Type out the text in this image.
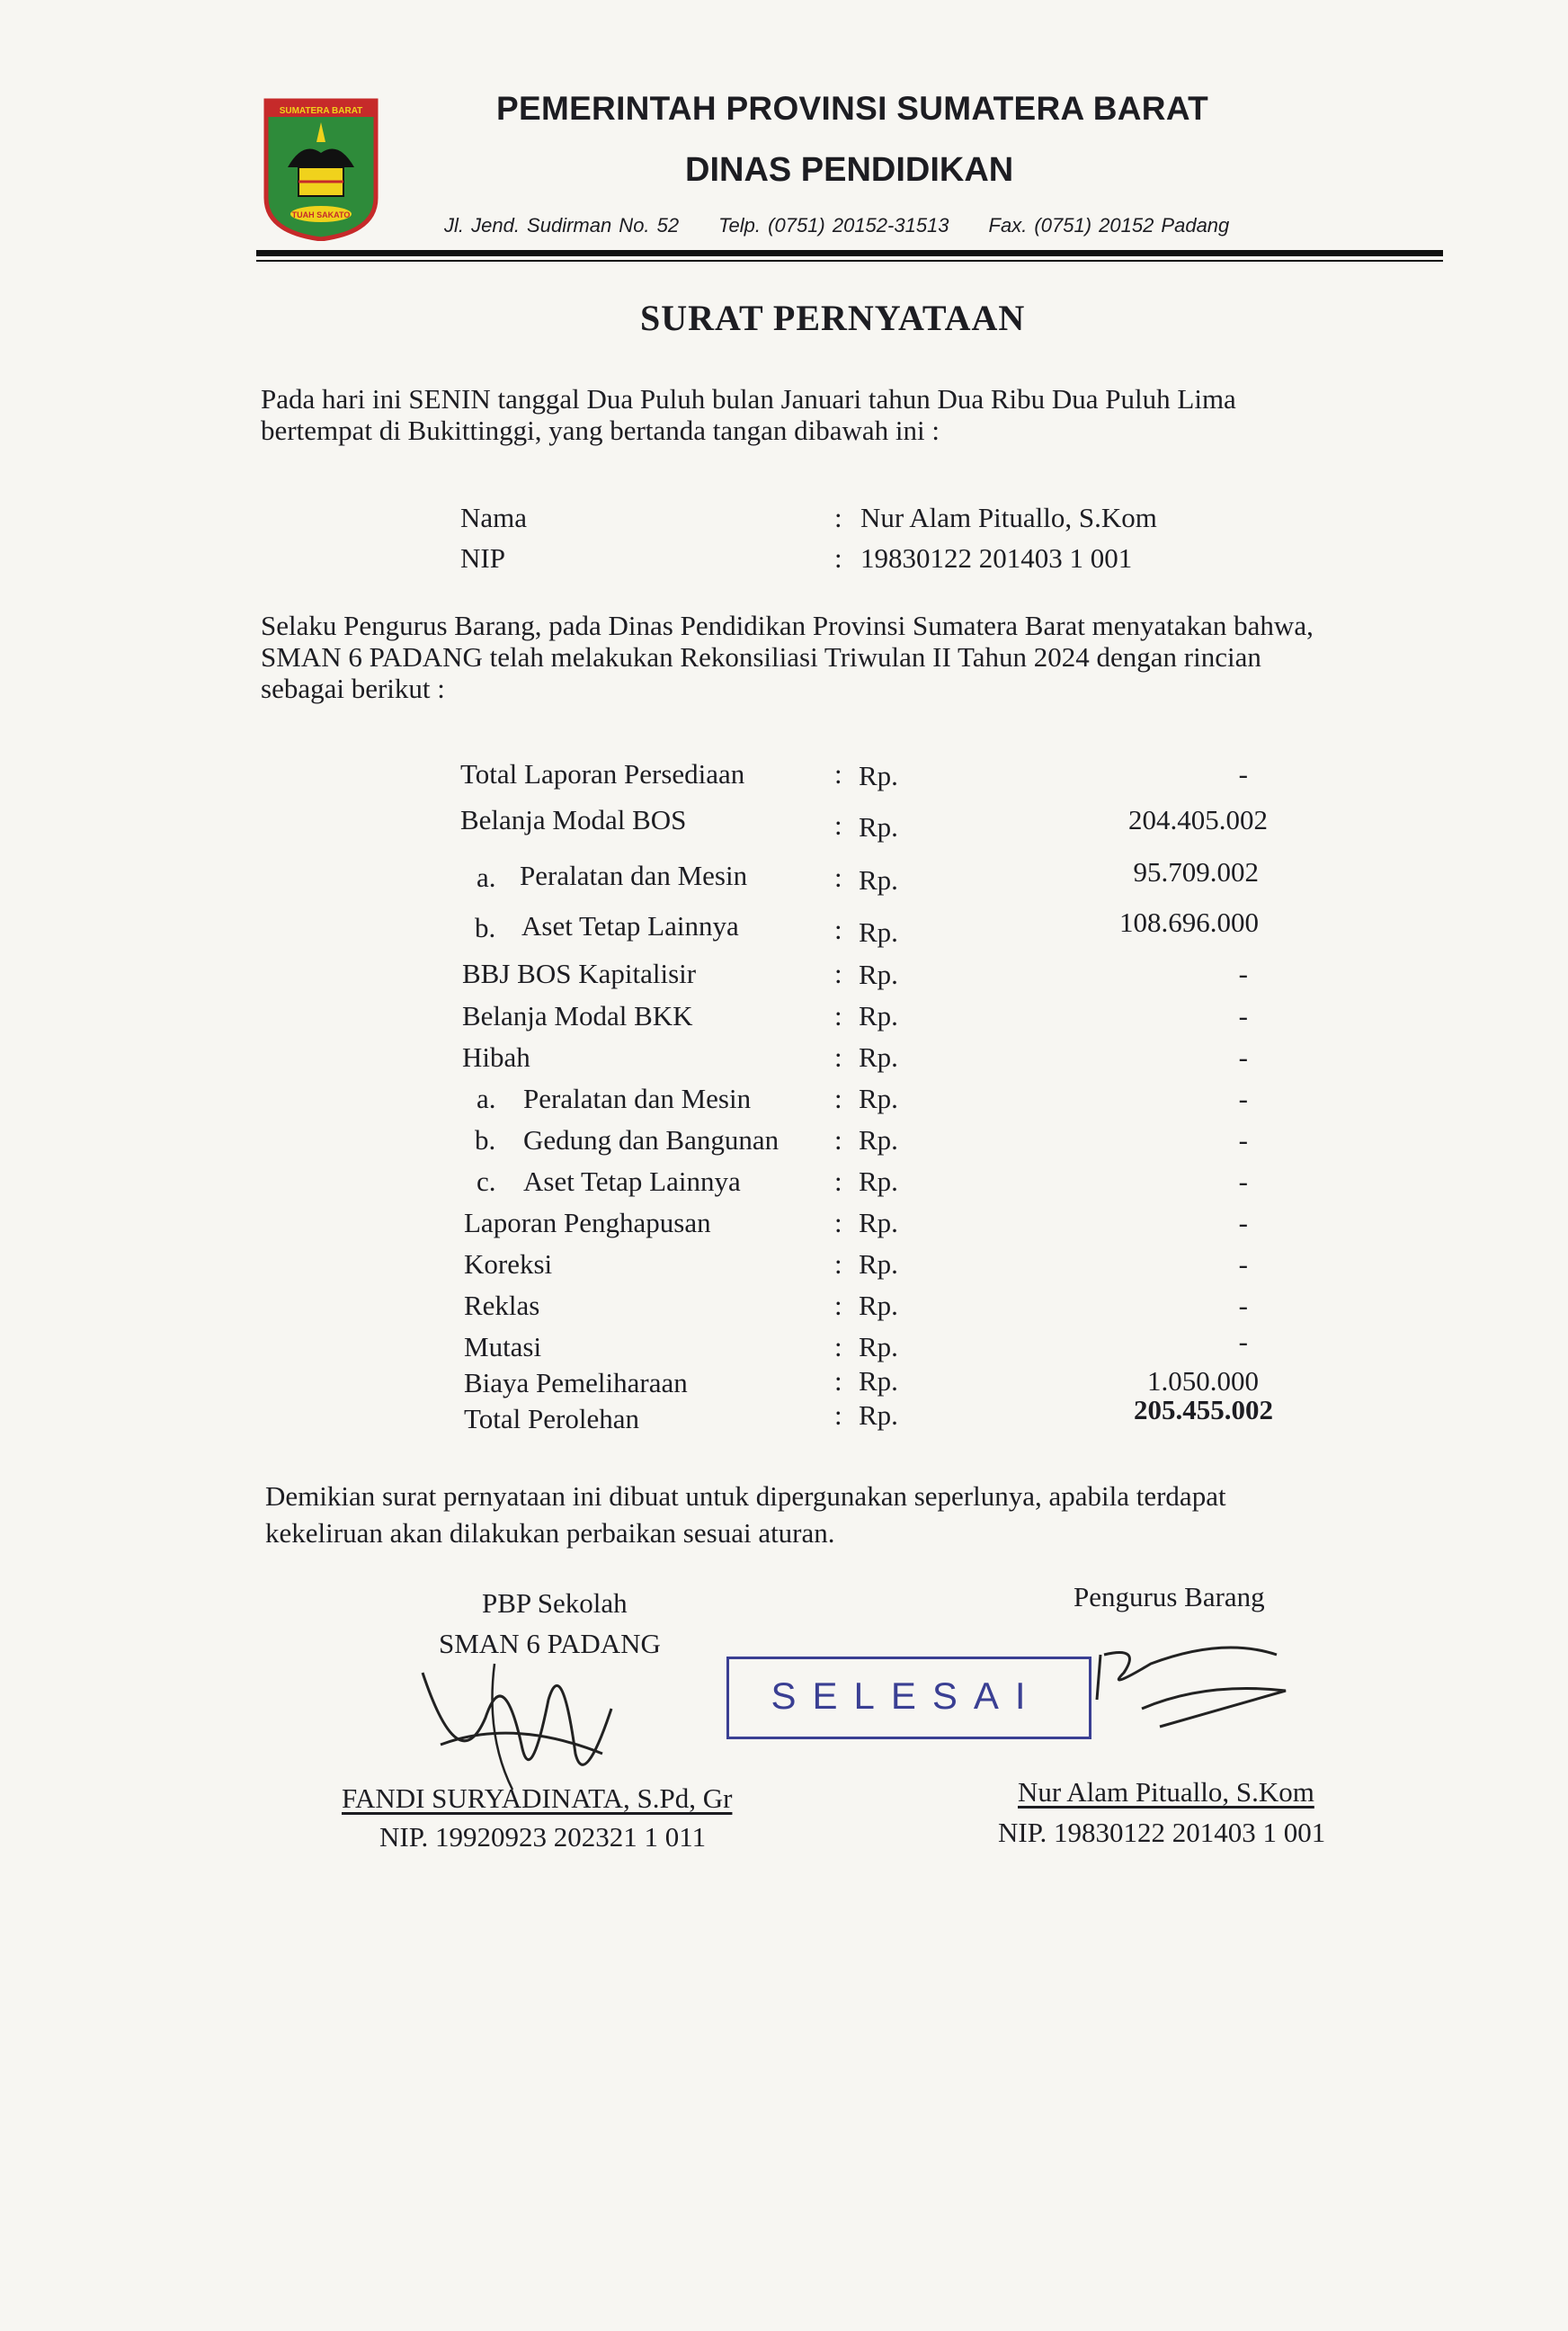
SUMATERA BARAT
TUAH SAKATO
PEMERINTAH PROVINSI SUMATERA BARAT
DINAS PENDIDIKAN
Jl. Jend. Sudirman No. 52 Telp. (0751) 20152-31513 Fax. (0751) 20152 Padang
SURAT PERNYATAAN
Pada hari ini SENIN tanggal Dua Puluh bulan Januari tahun Dua Ribu Dua Puluh Lima
bertempat di Bukittinggi, yang bertanda tangan dibawah ini :
Nama	: Nur Alam Pituallo, S.Kom
NIP	: 19830122 201403 1 001
Selaku Pengurus Barang, pada Dinas Pendidikan Provinsi Sumatera Barat menyatakan bahwa,
SMAN 6 PADANG telah melakukan Rekonsiliasi Triwulan II Tahun 2024 dengan rincian
sebagai berikut :
Total Laporan Persediaan	: Rp.	-
Belanja Modal BOS	: Rp.	204.405.002
a. Peralatan dan Mesin	: Rp.	95.709.002
b. Aset Tetap Lainnya	: Rp.	108.696.000
BBJ BOS Kapitalisir	: Rp.	-
Belanja Modal BKK	: Rp.	-
Hibah	: Rp.	-
a. Peralatan dan Mesin	: Rp.	-
b. Gedung dan Bangunan : Rp.	-
c. Aset Tetap Lainnya	: Rp.	-
Laporan Penghapusan	: Rp.	-
Koreksi	: Rp.	-
Reklas	: Rp.	-
Mutasi	: Rp.	-
Biaya Pemeliharaan	: Rp.	1.050.000
Total Perolehan	: Rp.	205.455.002
Demikian surat pernyataan ini dibuat untuk dipergunakan seperlunya, apabila terdapat
kekeliruan akan dilakukan perbaikan sesuai aturan.
PBP Sekolah
SMAN 6 PADANG
Pengurus Barang
SELESAI
FANDI SURYADINATA, S.Pd, Gr
NIP. 19920923 202321 1 011
Nur Alam Pituallo, S.Kom
NIP. 19830122 201403 1 001
